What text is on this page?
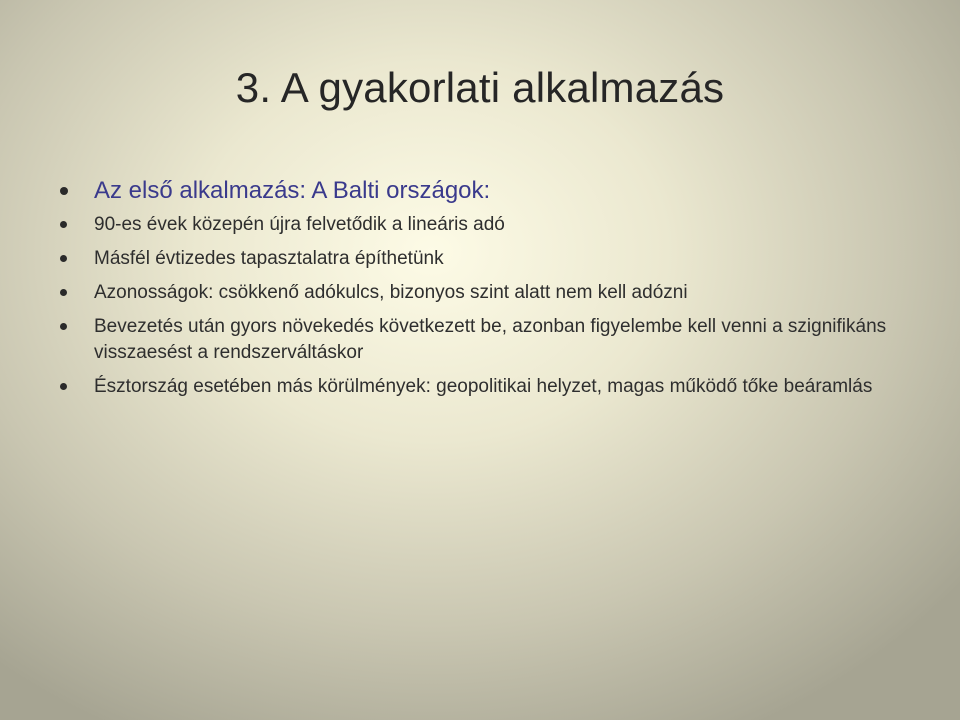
3. A gyakorlati alkalmazás
Az első alkalmazás: A Balti országok:
90-es évek közepén újra felvetődik a lineáris adó
Másfél évtizedes tapasztalatra építhetünk
Azonosságok: csökkenő adókulcs, bizonyos szint alatt nem kell adózni
Bevezetés után gyors növekedés következett be, azonban figyelembe kell venni a szignifikáns visszaesést a rendszerváltáskor
Észtország esetében más körülmények: geopolitikai helyzet, magas működő tőke beáramlás
